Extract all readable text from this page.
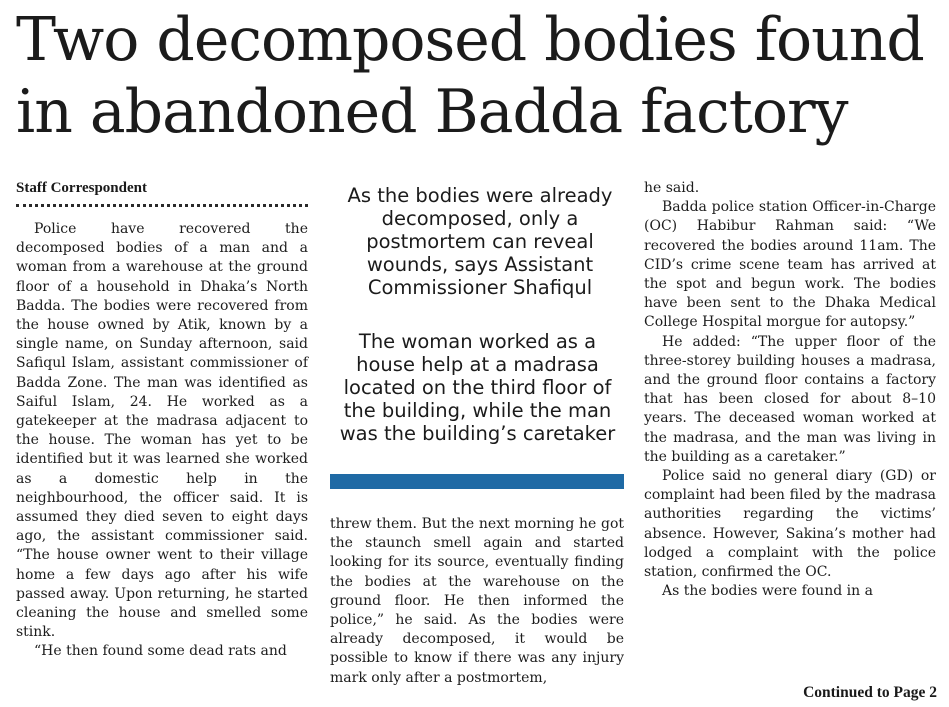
Two decomposed bodies found in abandoned Badda factory
Staff Correspondent

Police have recovered the decomposed bodies of a man and a woman from a warehouse at the ground floor of a household in Dhaka’s North Badda. The bodies were recovered from the house owned by Atik, known by a single name, on Sunday afternoon, said Safiqul Islam, assistant commissioner of Badda Zone. The man was identified as Saiful Islam, 24. He worked as a gatekeeper at the madrasa adjacent to the house. The woman has yet to be identified but it was learned she worked as a domestic help in the neighbourhood, the officer said. It is assumed they died seven to eight days ago, the assistant commissioner said. “The house owner went to their village home a few days ago after his wife passed away. Upon returning, he started cleaning the house and smelled some stink.

“He then found some dead rats and

As the bodies were already decomposed, only a postmortem can reveal wounds, says Assistant Commissioner Shafiqul
The woman worked as a house help at a madrasa located on the third floor of the building, while the man was the building’s caretaker

threw them. But the next morning he got the staunch smell again and started looking for its source, eventually finding the bodies at the warehouse on the ground floor. He then informed the police,” he said. As the bodies were already decomposed, it would be possible to know if there was any injury mark only after a postmortem,

he said.

Badda police station Officer-in-Charge (OC) Habibur Rahman said: “We recovered the bodies around 11am. The CID’s crime scene team has arrived at the spot and begun work. The bodies have been sent to the Dhaka Medical College Hospital morgue for autopsy.”

He added: “The upper floor of the three-storey building houses a madrasa, and the ground floor contains a factory that has been closed for about 8–10 years. The deceased woman worked at the madrasa, and the man was living in the building as a caretaker.”

Police said no general diary (GD) or complaint had been filed by the madrasa authorities regarding the victims’ absence. However, Sakina’s mother had lodged a complaint with the police station, confirmed the OC.

As the bodies were found in a

Continued to Page 2
